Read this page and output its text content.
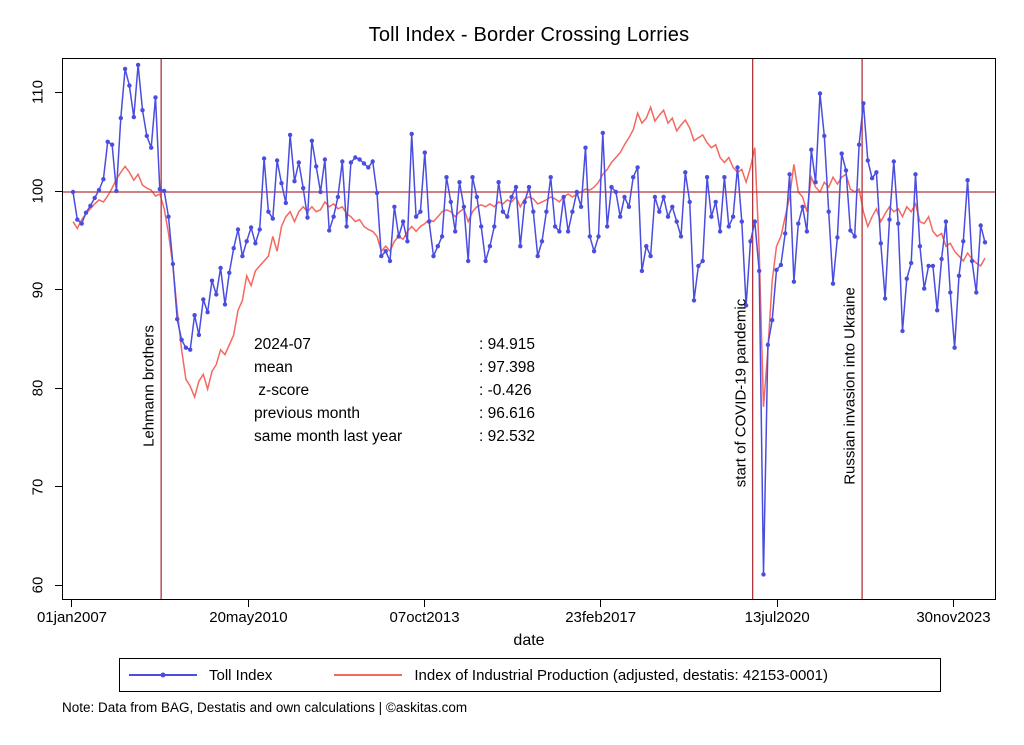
Toll Index - Border Crossing Lorries
Lehmann brothers	start of COVID-19 pandemic	Russian invasion into Ukraine
2024-07	: 94.915
mean	: 97.398
z-score	: -0.426
previous month	: 96.616
same month last year	: 92.532
60
70
80
90
100
110
01jan2007	20may2010	07oct2013	23feb2017	13jul2020	30nov2023
date
Toll Index	Index of Industrial Production (adjusted, destatis: 42153-0001)
Note: Data from BAG, Destatis and own calculations | ©askitas.com
